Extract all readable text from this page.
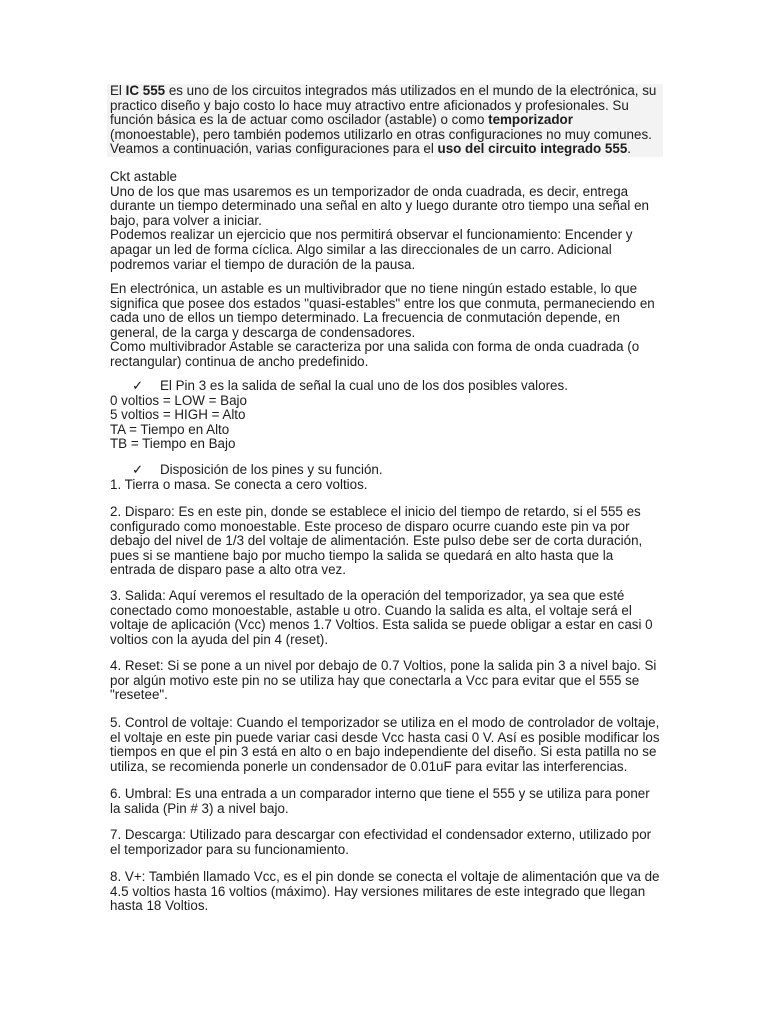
El IC 555 es uno de los circuitos integrados más utilizados en el mundo de la electrónica, su practico diseño y bajo costo lo hace muy atractivo entre aficionados y profesionales. Su función básica es la de actuar como oscilador (astable) o como temporizador (monoestable), pero también podemos utilizarlo en otras configuraciones no muy comunes. Veamos a continuación, varias configuraciones para el uso del circuito integrado 555.

Ckt astable

Uno de los que mas usaremos es un temporizador de onda cuadrada, es decir, entrega durante un tiempo determinado una señal en alto y luego durante otro tiempo una señal en bajo, para volver a iniciar.

Podemos realizar un ejercicio que nos permitirá observar el funcionamiento: Encender y apagar un led de forma cíclica. Algo similar a las direccionales de un carro. Adicional podremos variar el tiempo de duración de la pausa.

En electrónica, un astable es un multivibrador que no tiene ningún estado estable, lo que significa que posee dos estados "quasi-estables" entre los que conmuta, permaneciendo en cada uno de ellos un tiempo determinado. La frecuencia de conmutación depende, en general, de la carga y descarga de condensadores.

Como multivibrador Astable se caracteriza por una salida con forma de onda cuadrada (o rectangular) continua de ancho predefinido.

✓ El Pin 3 es la salida de señal la cual uno de los dos posibles valores.

0 voltios = LOW = Bajo

5 voltios = HIGH = Alto

TA = Tiempo en Alto

TB = Tiempo en Bajo

✓ Disposición de los pines y su función.

1. Tierra o masa. Se conecta a cero voltios.

2. Disparo: Es en este pin, donde se establece el inicio del tiempo de retardo, si el 555 es configurado como monoestable. Este proceso de disparo ocurre cuando este pin va por debajo del nivel de 1/3 del voltaje de alimentación. Este pulso debe ser de corta duración, pues si se mantiene bajo por mucho tiempo la salida se quedará en alto hasta que la entrada de disparo pase a alto otra vez.

3. Salida: Aquí veremos el resultado de la operación del temporizador, ya sea que esté conectado como monoestable, astable u otro. Cuando la salida es alta, el voltaje será el voltaje de aplicación (Vcc) menos 1.7 Voltios. Esta salida se puede obligar a estar en casi 0 voltios con la ayuda del pin 4 (reset).

4. Reset: Si se pone a un nivel por debajo de 0.7 Voltios, pone la salida pin 3 a nivel bajo. Si por algún motivo este pin no se utiliza hay que conectarla a Vcc para evitar que el 555 se "resetee".

5. Control de voltaje: Cuando el temporizador se utiliza en el modo de controlador de voltaje, el voltaje en este pin puede variar casi desde Vcc hasta casi 0 V. Así es posible modificar los tiempos en que el pin 3 está en alto o en bajo independiente del diseño. Si esta patilla no se utiliza, se recomienda ponerle un condensador de 0.01uF para evitar las interferencias.

6. Umbral: Es una entrada a un comparador interno que tiene el 555 y se utiliza para poner la salida (Pin # 3) a nivel bajo.

7. Descarga: Utilizado para descargar con efectividad el condensador externo, utilizado por el temporizador para su funcionamiento.

8. V+: También llamado Vcc, es el pin donde se conecta el voltaje de alimentación que va de 4.5 voltios hasta 16 voltios (máximo). Hay versiones militares de este integrado que llegan hasta 18 Voltios.
